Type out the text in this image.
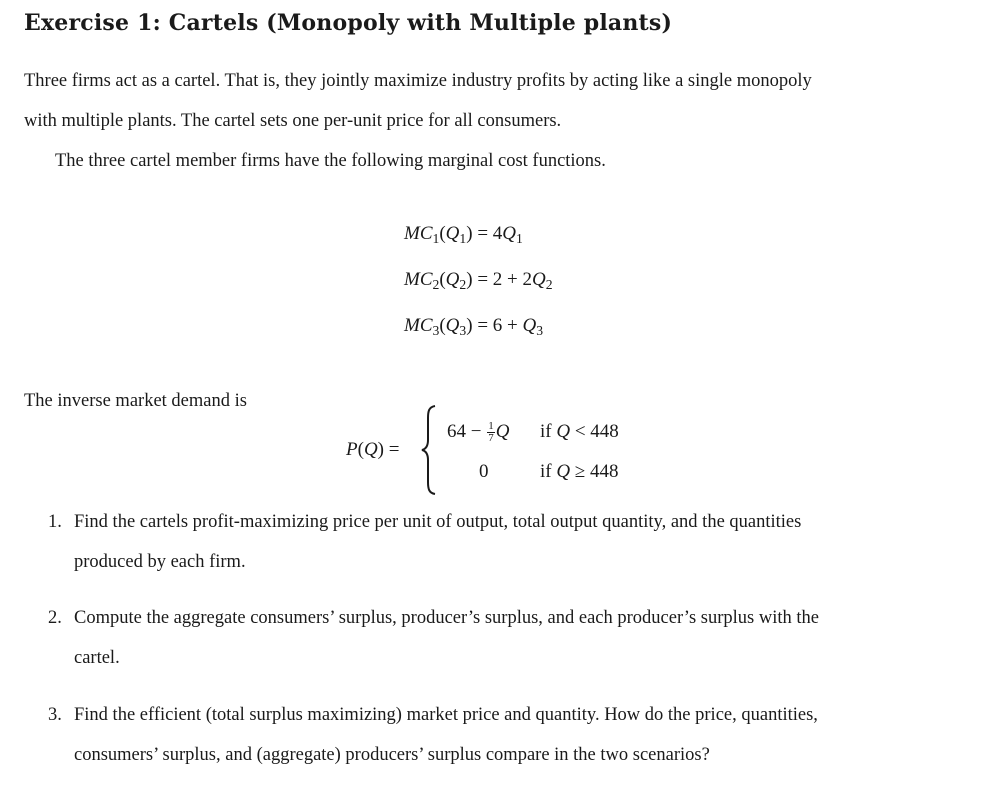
Exercise 1: Cartels (Monopoly with Multiple plants)
Three firms act as a cartel. That is, they jointly maximize industry profits by acting like a single monopoly
with multiple plants. The cartel sets one per-unit price for all consumers.
The three cartel member firms have the following marginal cost functions.
$MC_1(Q_1) = 4Q_1$
$MC_2(Q_2) = 2 + 2Q_2$
$MC_3(Q_3) = 6 + Q_3$
The inverse market demand is
P(Q) =
$64 - \frac{1}{7}$ Q if Q < 448
0	if Q ≥ 448
1. Find the cartels profit-maximizing price per unit of output, total output quantity, and the quantities
produced by each firm.
2. Compute the aggregate consumers’ surplus, producer’s surplus, and each producer’s surplus with the
cartel.
3. Find the efficient (total surplus maximizing) market price and quantity. How do the price, quantities,
consumers’ surplus, and (aggregate) producers’ surplus compare in the two scenarios?
